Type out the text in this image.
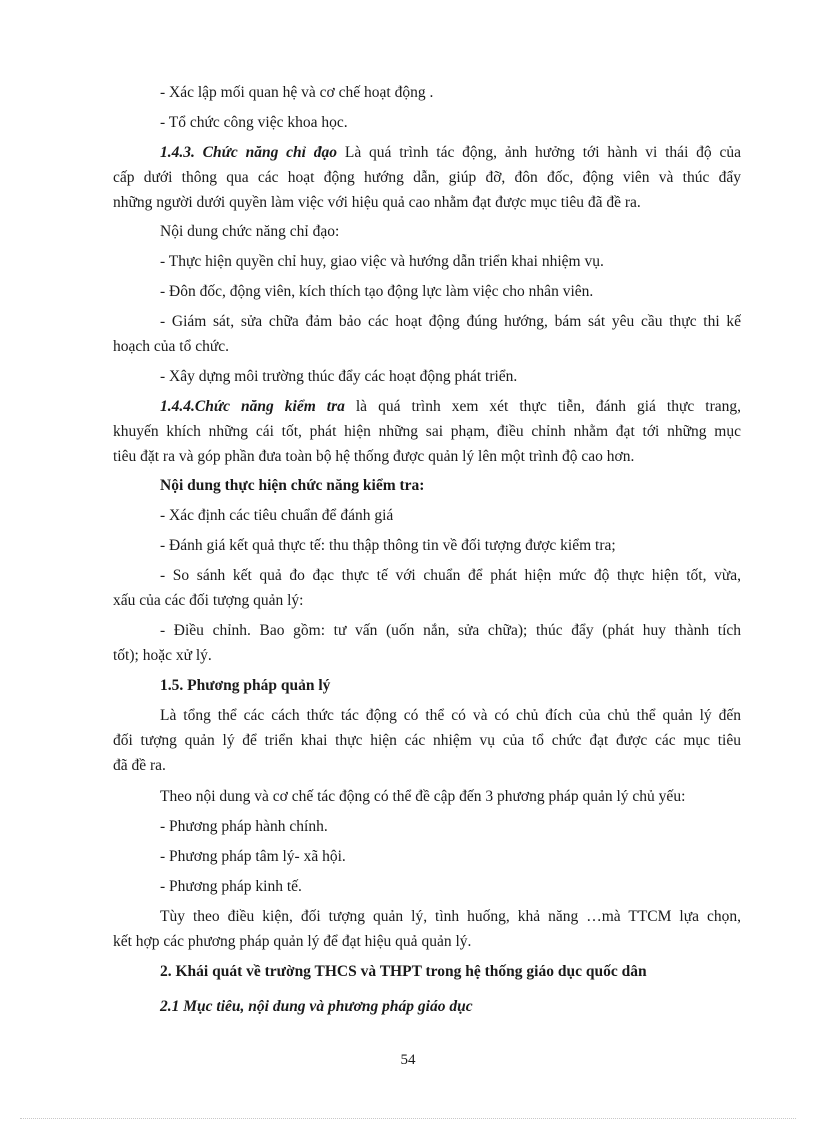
- Xác lập mối quan hệ và cơ chế hoạt động .
- Tổ chức công việc khoa học.
1.4.3. Chức năng chỉ đạo Là quá trình tác động, ảnh hưởng tới hành vi thái độ của
cấp dưới thông qua các hoạt động hướng dẫn, giúp đỡ, đôn đốc, động viên và thúc đẩy
những người dưới quyền làm việc với hiệu quả cao nhằm đạt được mục tiêu đã đề ra.
Nội dung chức năng chỉ đạo:
- Thực hiện quyền chỉ huy, giao việc và hướng dẫn triển khai nhiệm vụ.
- Đôn đốc, động viên, kích thích tạo động lực làm việc cho nhân viên.
- Giám sát, sửa chữa đảm bảo các hoạt động đúng hướng, bám sát yêu cầu thực thi kế
hoạch của tổ chức.
- Xây dựng môi trường thúc đẩy các hoạt động phát triển.
1.4.4.Chức năng kiểm tra là quá trình xem xét thực tiễn, đánh giá thực trang,
khuyến khích những cái tốt, phát hiện những sai phạm, điều chỉnh nhằm đạt tới những mục
tiêu đặt ra và góp phần đưa toàn bộ hệ thống được quản lý lên một trình độ cao hơn.
Nội dung thực hiện chức năng kiểm tra:
- Xác định các tiêu chuẩn để đánh giá
- Đánh giá kết quả thực tế: thu thập thông tin về đối tượng được kiểm tra;
- So sánh kết quả đo đạc thực tế với chuẩn để phát hiện mức độ thực hiện tốt, vừa,
xấu của các đối tượng quản lý:
- Điều chỉnh. Bao gồm: tư vấn (uốn nắn, sửa chữa); thúc đẩy (phát huy thành tích
tốt); hoặc xử lý.
1.5. Phương pháp quản lý
Là tổng thể các cách thức tác động có thể có và có chủ đích của chủ thể quản lý đến
đối tượng quản lý để triển khai thực hiện các nhiệm vụ của tổ chức đạt được các mục tiêu
đã đề ra.
Theo nội dung và cơ chế tác động có thể đề cập đến 3 phương pháp quản lý chủ yếu:
- Phương pháp hành chính.
- Phương pháp tâm lý- xã hội.
- Phương pháp kinh tế.
Tùy theo điều kiện, đối tượng quản lý, tình huống, khả năng …mà TTCM lựa chọn,
kết hợp các phương pháp quản lý để đạt hiệu quả quản lý.
2. Khái quát về trường THCS và THPT trong hệ thống giáo dục quốc dân
2.1 Mục tiêu, nội dung và phương pháp giáo dục
54
